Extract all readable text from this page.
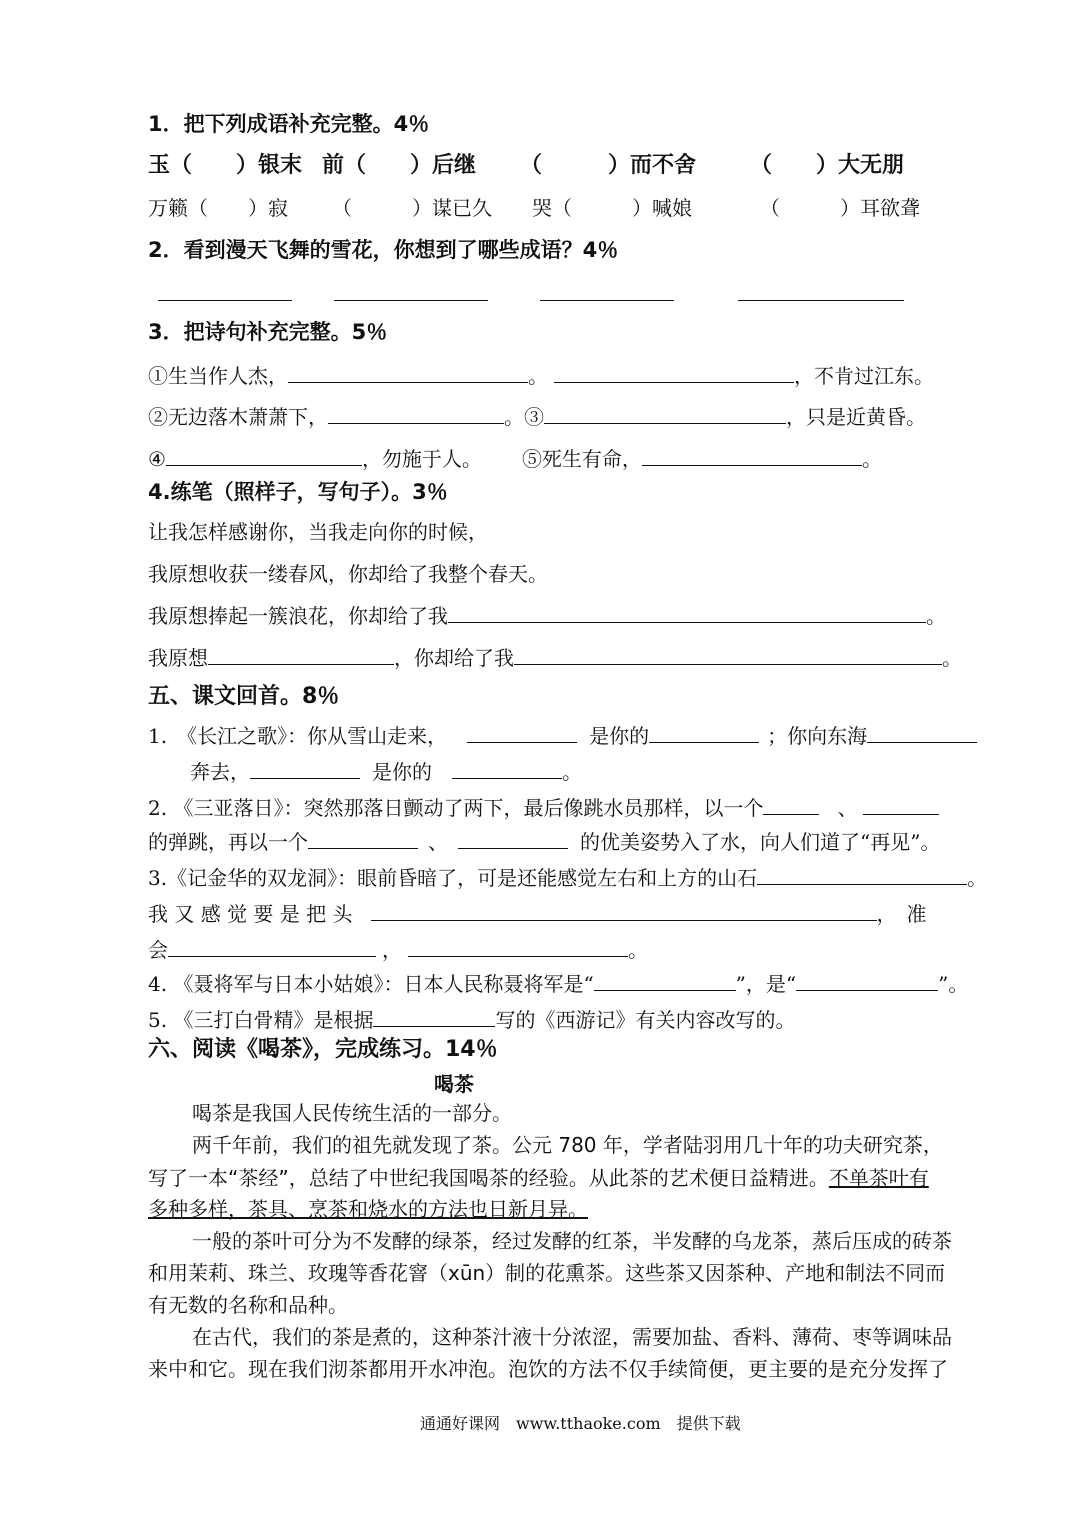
1．把下列成语补充完整。4％
玉（　　）银末 前（　　）后继 （　　　）而不舍 （　　）大无朋
万籁（　　）寂 （　　　）谋已久 哭（　　　）喊娘	（　　　）耳欲聋
2．看到漫天飞舞的雪花，你想到了哪些成语？4％
3．把诗句补充完整。5％
①生当作人杰，	。	，不肯过江东。
②无边落木萧萧下，	。③	，只是近黄昏。
④	，勿施于人。 ⑤死生有命，	。
4.练笔（照样子，写句子）。3％
让我怎样感谢你，当我走向你的时候，
我原想收获一缕春风，你却给了我整个春天。
我原想捧起一簇浪花，你却给了我	。
我原想	，你却给了我	。
五、课文回首。8％
1.　《长江之歌》：你从雪山走来，	是你的	；你向东海
奔去，	是你的	。
2. 《三亚落日》：突然那落日颤动了两下，最后像跳水员那样，以一个	、
的弹跳，再以一个	、	的优美姿势入了水，向人们道了“再见”。
3.《记金华的双龙洞》：眼前昏暗了，可是还能感觉左右和上方的山石	。
我 又 感 觉 要 是 把 头	，　准
会	，	。
4. 《聂将军与日本小姑娘》：日本人民称聂将军是“	”，是“	”。
5. 《三打白骨精》是根据	写的《西游记》有关内容改写的。
六、阅读《喝茶》，完成练习。14％
喝茶
喝茶是我国人民传统生活的一部分。
两千年前，我们的祖先就发现了茶。公元 780 年，学者陆羽用几十年的功夫研究茶，
写了一本“茶经”，总结了中世纪我国喝茶的经验。从此茶的艺术便日益精进。不单茶叶有
多种多样，茶具、烹茶和烧水的方法也日新月异。
一般的茶叶可分为不发酵的绿茶，经过发酵的红茶，半发酵的乌龙茶，蒸后压成的砖茶
和用茉莉、珠兰、玫瑰等香花窨（xūn）制的花熏茶。这些茶又因茶种、产地和制法不同而
有无数的名称和品种。
在古代，我们的茶是煮的，这种茶汁液十分浓涩，需要加盐、香料、薄荷、枣等调味品
来中和它。现在我们沏茶都用开水冲泡。泡饮的方法不仅手续简便，更主要的是充分发挥了
通通好课网　www.tthaoke.com　提供下载
